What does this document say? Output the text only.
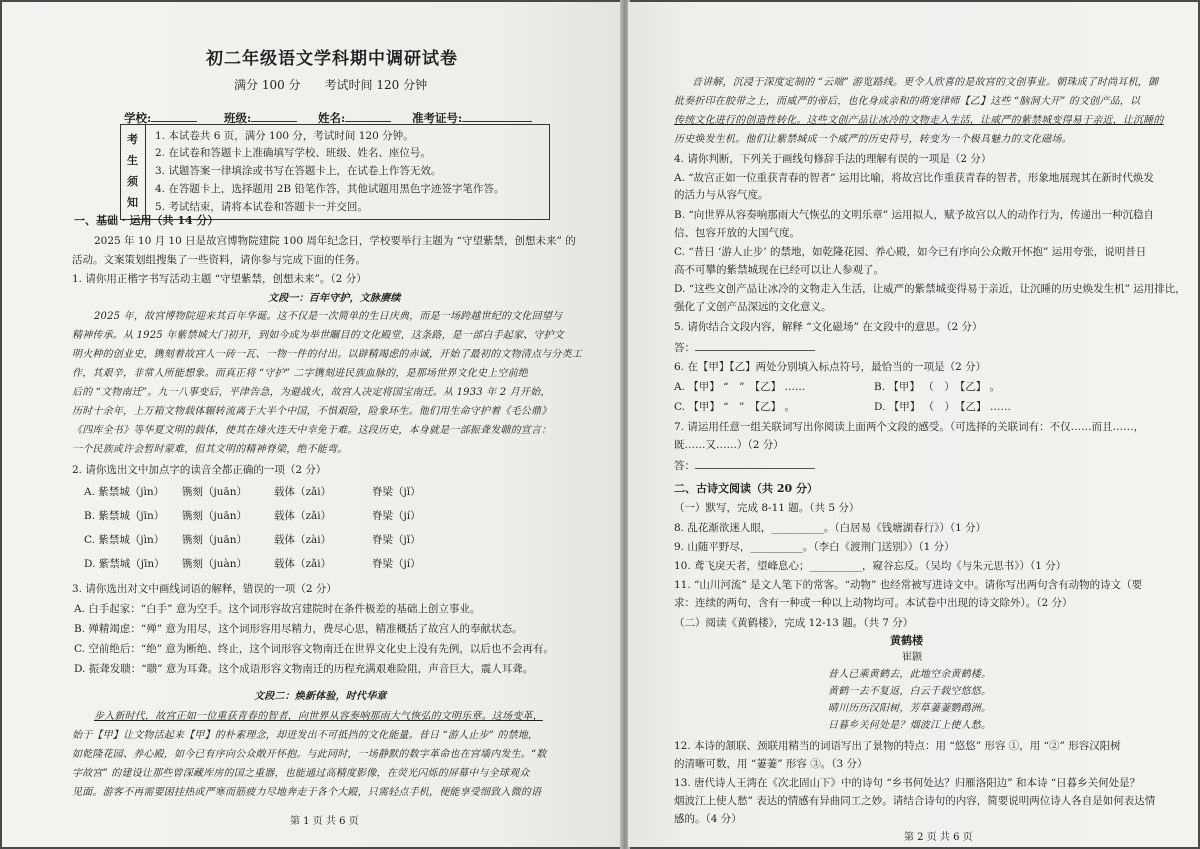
初二年级语文学科期中调研试卷
满分 100 分　　考试时间 120 分钟
学校:	班级:	姓名:	准考证号:
考
生
须
知
1. 本试卷共 6 页，满分 100 分，考试时间 120 分钟。
2. 在试卷和答题卡上准确填写学校、班级、姓名、座位号。
3. 试题答案一律填涂或书写在答题卡上，在试卷上作答无效。
4. 在答题卡上，选择题用 2B 铅笔作答，其他试题用黑色字迹签字笔作答。
5. 考试结束，请将本试卷和答题卡一并交回。
一、基础 · 运用（共 14 分）
2025 年 10 月 10 日是故宫博物院建院 100 周年纪念日，学校要举行主题为 “守望紫禁，创想未来” 的
活动。文案策划组搜集了一些资料，请你参与完成下面的任务。
1. 请你用正楷字书写活动主题 “守望紫禁，创想未来”。（2 分）
文段一：百年守护，文脉赓续
2025 年，故宫博物院迎来其百年华诞。这不仅是一次简单的生日庆典，而是一场跨越世纪的文化回望与
精神传承。从 1925 年紫禁城大门初开，到如今成为举世瞩目的文化殿堂，这条路，是一部白手起家、守护文
明火种的创业史，镌刻着故宫人一砖一瓦、一物一件的付出。以辟精竭虑的赤诚，开始了最初的文物清点与分类工
作，其艰辛，非常人所能想象。而真正将 “守护” 二字镌刻进民族血脉的，是那场世界文化史上空前绝
后的 “文物南迁”。九一八事变后，平津告急，为避战火，故宫人决定将国宝南迁。从 1933 年 2 月开始，
历时十余年，上万箱文物载体辗转流离于大半个中国，不惧艰险，险象环生。他们用生命守护着《毛公鼎》
《四库全书》等华夏文明的载体，使其在烽火连天中幸免于难。这段历史，本身就是一部振聋发聩的宣言：
一个民族或许会暂时蒙难，但其文明的精神脊梁，绝不能弯。
2. 请你选出文中加点字的读音全都正确的一项（2 分）
A. 紫禁城（jìn） 镌刻（juān）	载体（zǎi）	脊梁（jǐ）
B. 紫禁城（jīn） 镌刻（juān）	载体（zǎi）	脊梁（jí）
C. 紫禁城（jìn） 镌刻（juān）	载体（zài）	脊梁（jǐ）
D. 紫禁城（jīn） 镌刻（juàn）	载体（zǎi）	脊梁（jí）
3. 请你选出对文中画线词语的解释，错误的一项（2 分）
A. 白手起家：“白手” 意为空手。这个词形容故宫建院时在条件极差的基础上创立事业。
B. 殚精竭虑：“殚” 意为用尽，这个词形容用尽精力，费尽心思，精准概括了故宫人的奉献状态。
C. 空前绝后：“绝” 意为断绝、终止，这个词形容文物南迁在世界文化史上没有先例，以后也不会再有。
D. 振聋发聩：“聩” 意为耳聋。这个成语形容文物南迁的历程充满艰难险阻，声音巨大，震人耳聋。
文段二：焕新体验，时代华章
步入新时代，故宫正如一位重获青春的智者，向世界从容奏响那雨大气恢弘的文明乐章。这场变革，
始于【甲】让文物活起来【甲】的朴素理念，却迸发出不可抵挡的文化能量。昔日 “游人止步” 的禁地，
如乾隆花园、养心殿，如今已有序向公众敞开怀抱。与此同时，一场静默的数字革命也在宫墙内发生。“数
字故宫” 的建设让那些曾深藏库房的国之重器，也能通过高精度影像，在荧光闪烁的屏幕中与全球观众
见面。游客不再需要困挂热或严寒而筋疲力尽地奔走于各个大殿，只需轻点手机，便能享受细致入微的语
第 1 页 共 6 页
音讲解，沉浸于深度定制的 “云端” 游览路线。更令人欣喜的是故宫的文创事业。朝珠成了时尚耳机，御
批奏折印在胶带之上，而威严的帝后，也化身成亲和的萌宠律师【乙】这些 “脑洞大开” 的文创产品，以
传统文化进行的创造性转化。这些文创产品让冰冷的文物走入生活，让威严的紫禁城变得易于亲近，让沉睡的
历史焕发生机。他们让紫禁城成一个威严的历史符号，转变为一个极具魅力的文化磁场。
4. 请你判断，下列关于画线句修辞手法的理解有误的一项是（2 分）
A. “故宫正如一位重获青春的智者” 运用比喻，将故宫比作重获青春的智者，形象地展现其在新时代焕发
的活力与从容气度。
B. “向世界从容奏响那雨大气恢弘的文明乐章” 运用拟人，赋予故宫以人的动作行为，传递出一种沉稳自
信、包容开放的大国气度。
C. “昔日 ‘游人止步’ 的禁地，如乾隆花园、养心殿，如今已有序向公众敞开怀抱” 运用夸张，说明昔日
高不可攀的紫禁城现在已经可以让人参观了。
D. “这些文创产品让冰冷的文物走入生活，让威严的紫禁城变得易于亲近，让沉睡的历史焕发生机” 运用排比，
强化了文创产品深远的文化意义。
5. 请你结合文段内容，解释 “文化磁场” 在文段中的意思。（2 分）
答：
6. 在【甲】【乙】两处分别填入标点符号，最恰当的一项是（2 分）
A. 【甲】 “　”　【乙】 ……	B. 【甲】 （　）　【乙】 。
C. 【甲】 “　”　【乙】 。	D. 【甲】 （　）　【乙】 ……
7. 请运用任意一组关联词写出你阅读上面两个文段的感受。（可选择的关联词有：不仅……而且……，
既……又……）（2 分）
答：
二、古诗文阅读（共 20 分）
（一）默写，完成 8-11 题。（共 5 分）
8. 乱花渐欲迷人眼，__________。（白居易《钱塘湖春行》）（1 分）
9. 山随平野尽，__________。（李白《渡荆门送别》）（1 分）
10. 鸢飞戾天者，望峰息心；__________，窥谷忘反。（吴均《与朱元思书》）（1 分）
11. “山川河流” 是文人笔下的常客。“动物” 也经常被写进诗文中。请你写出两句含有动物的诗文（要
求：连续的两句，含有一种或一种以上动物均可。本试卷中出现的诗文除外）。（2 分）
（二）阅读《黄鹤楼》，完成 12-13 题。（共 7 分）
黄鹤楼
崔颢
昔人已乘黄鹤去，此地空余黄鹤楼。
黄鹤一去不复返，白云千载空悠悠。
晴川历历汉阳树，芳草萋萋鹦鹉洲。
日暮乡关何处是？烟波江上使人愁。
12. 本诗的颔联、颈联用精当的词语写出了景物的特点：用 “悠悠” 形容 ①，用 “②” 形容汉阳树
的清晰可数，用 “萋萋” 形容 ③。（3 分）
13. 唐代诗人王湾在《次北固山下》中的诗句 “乡书何处达？归雁洛阳边” 和本诗 “日暮乡关何处是？
烟波江上使人愁” 表达的情感有异曲同工之妙。请结合诗句的内容，简要说明两位诗人各自是如何表达情
感的。（4 分）
第 2 页 共 6 页
